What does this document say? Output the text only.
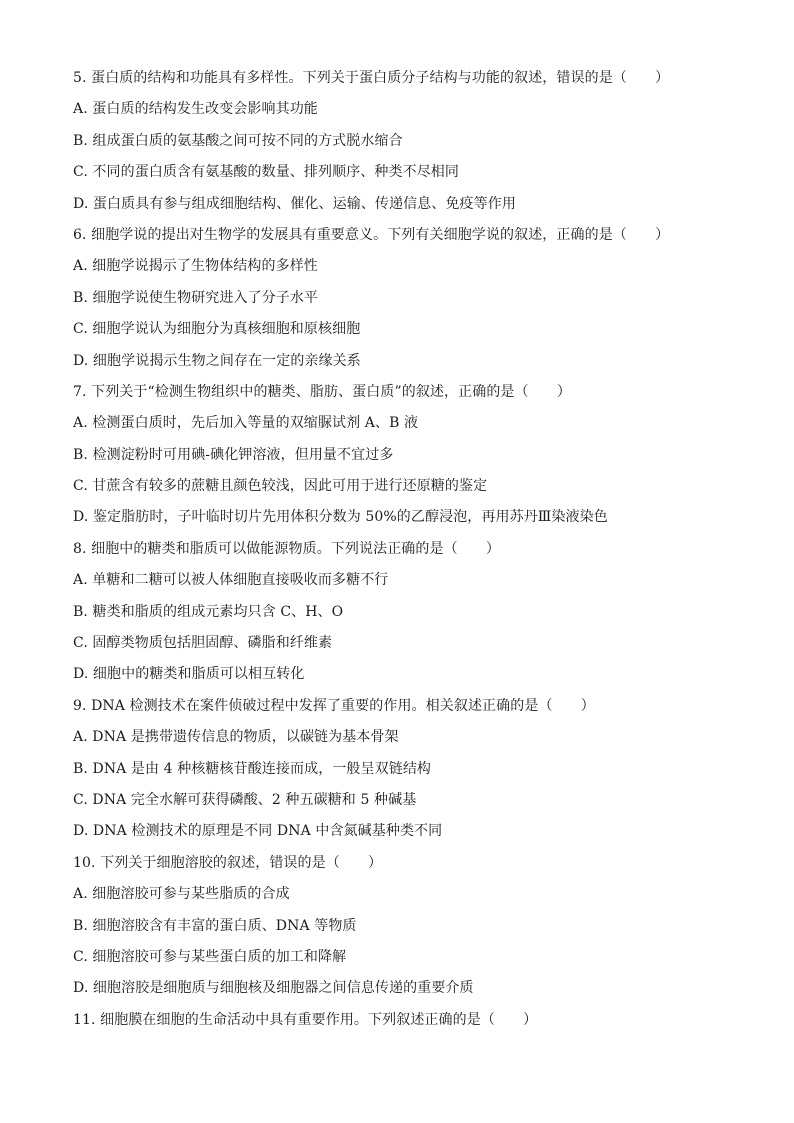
5. 蛋白质的结构和功能具有多样性。下列关于蛋白质分子结构与功能的叙述，错误的是（　　）
A. 蛋白质的结构发生改变会影响其功能
B. 组成蛋白质的氨基酸之间可按不同的方式脱水缩合
C. 不同的蛋白质含有氨基酸的数量、排列顺序、种类不尽相同
D. 蛋白质具有参与组成细胞结构、催化、运输、传递信息、免疫等作用
6. 细胞学说的提出对生物学的发展具有重要意义。下列有关细胞学说的叙述，正确的是（　　）
A. 细胞学说揭示了生物体结构的多样性
B. 细胞学说使生物研究进入了分子水平
C. 细胞学说认为细胞分为真核细胞和原核细胞
D. 细胞学说揭示生物之间存在一定的亲缘关系
7. 下列关于“检测生物组织中的糖类、脂肪、蛋白质”的叙述，正确的是（　　）
A. 检测蛋白质时，先后加入等量的双缩脲试剂 A、B 液
B. 检测淀粉时可用碘-碘化钾溶液，但用量不宜过多
C. 甘蔗含有较多的蔗糖且颜色较浅，因此可用于进行还原糖的鉴定
D. 鉴定脂肪时，子叶临时切片先用体积分数为 50%的乙醇浸泡，再用苏丹Ⅲ染液染色
8. 细胞中的糖类和脂质可以做能源物质。下列说法正确的是（　　）
A. 单糖和二糖可以被人体细胞直接吸收而多糖不行
B. 糖类和脂质的组成元素均只含 C、H、O
C. 固醇类物质包括胆固醇、磷脂和纤维素
D. 细胞中的糖类和脂质可以相互转化
9. DNA 检测技术在案件侦破过程中发挥了重要的作用。相关叙述正确的是（　　）
A. DNA 是携带遗传信息的物质，以碳链为基本骨架
B. DNA 是由 4 种核糖核苷酸连接而成，一般呈双链结构
C. DNA 完全水解可获得磷酸、2 种五碳糖和 5 种碱基
D. DNA 检测技术的原理是不同 DNA 中含氮碱基种类不同
10. 下列关于细胞溶胶的叙述，错误的是（　　）
A. 细胞溶胶可参与某些脂质的合成
B. 细胞溶胶含有丰富的蛋白质、DNA 等物质
C. 细胞溶胶可参与某些蛋白质的加工和降解
D. 细胞溶胶是细胞质与细胞核及细胞器之间信息传递的重要介质
11. 细胞膜在细胞的生命活动中具有重要作用。下列叙述正确的是（　　）
